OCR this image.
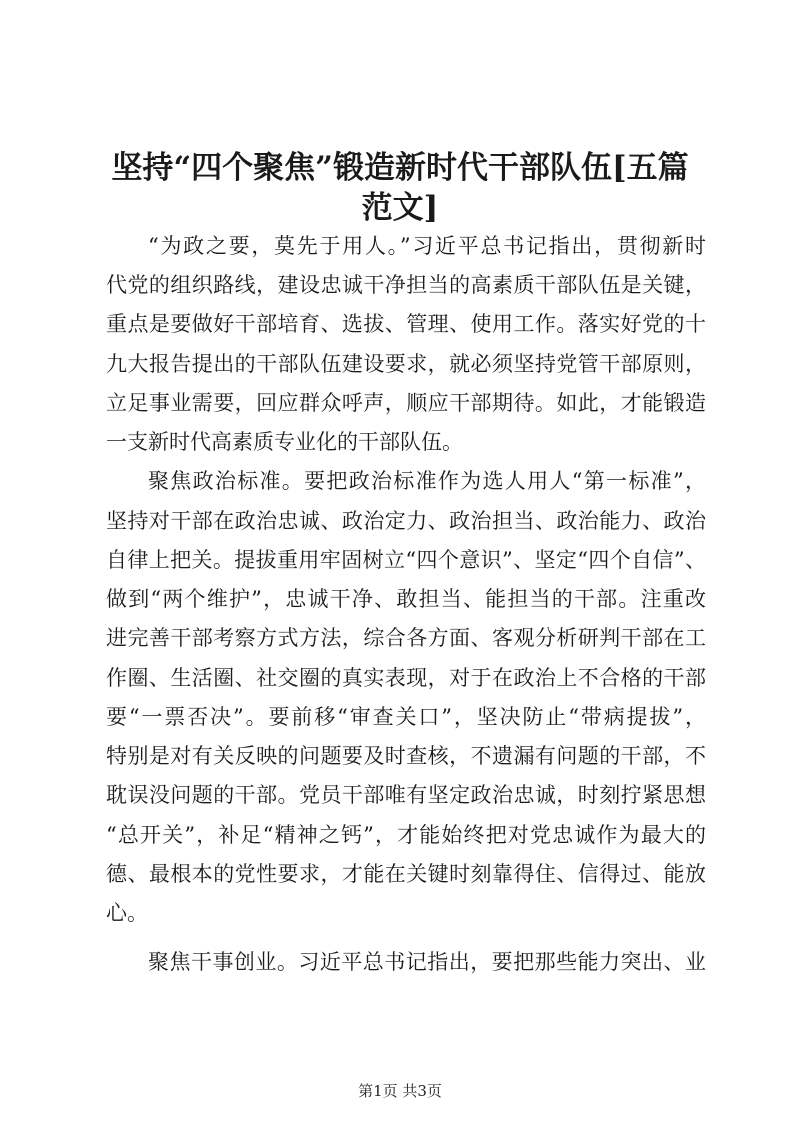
坚持“四个聚焦”锻造新时代干部队伍[五篇
范文]
“为政之要，莫先于用人。”习近平总书记指出，贯彻新时
代党的组织路线，建设忠诚干净担当的高素质干部队伍是关键，
重点是要做好干部培育、选拔、管理、使用工作。落实好党的十
九大报告提出的干部队伍建设要求，就必须坚持党管干部原则，
立足事业需要，回应群众呼声，顺应干部期待。如此，才能锻造
一支新时代高素质专业化的干部队伍。
聚焦政治标准。要把政治标准作为选人用人“第一标准”，
坚持对干部在政治忠诚、政治定力、政治担当、政治能力、政治
自律上把关。提拔重用牢固树立“四个意识”、坚定“四个自信”、
做到“两个维护”，忠诚干净、敢担当、能担当的干部。注重改
进完善干部考察方式方法，综合各方面、客观分析研判干部在工
作圈、生活圈、社交圈的真实表现，对于在政治上不合格的干部
要“一票否决”。要前移“审查关口”，坚决防止“带病提拔”，
特别是对有关反映的问题要及时查核，不遗漏有问题的干部，不
耽误没问题的干部。党员干部唯有坚定政治忠诚，时刻拧紧思想
“总开关”，补足“精神之钙”，才能始终把对党忠诚作为最大的
德、最根本的党性要求，才能在关键时刻靠得住、信得过、能放
心。
聚焦干事创业。习近平总书记指出，要把那些能力突出、业
第1页 共3页
